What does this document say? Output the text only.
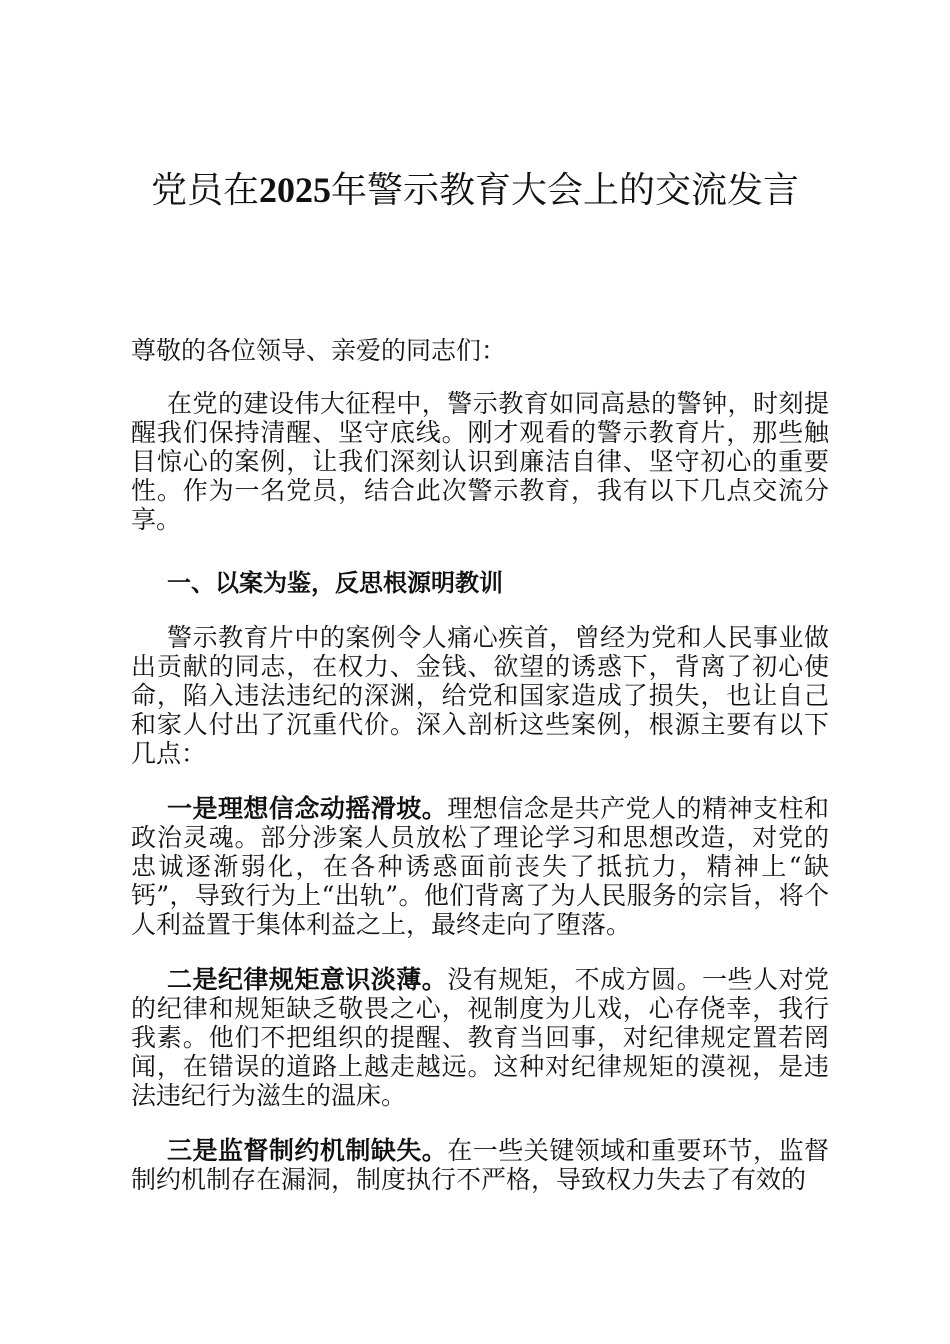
党员在2025年警示教育大会上的交流发言

尊敬的各位领导、亲爱的同志们：

在党的建设伟大征程中，警示教育如同高悬的警钟，时刻提醒我们保持清醒、坚守底线。刚才观看的警示教育片，那些触目惊心的案例，让我们深刻认识到廉洁自律、坚守初心的重要性。作为一名党员，结合此次警示教育，我有以下几点交流分享。

一、以案为鉴，反思根源明教训

警示教育片中的案例令人痛心疾首，曾经为党和人民事业做出贡献的同志，在权力、金钱、欲望的诱惑下，背离了初心使命，陷入违法违纪的深渊，给党和国家造成了损失，也让自己和家人付出了沉重代价。深入剖析这些案例，根源主要有以下几点：

一是理想信念动摇滑坡。理想信念是共产党人的精神支柱和政治灵魂。部分涉案人员放松了理论学习和思想改造，对党的忠诚逐渐弱化，在各种诱惑面前丧失了抵抗力，精神上“缺钙”，导致行为上“出轨”。他们背离了为人民服务的宗旨，将个人利益置于集体利益之上，最终走向了堕落。

二是纪律规矩意识淡薄。没有规矩，不成方圆。一些人对党的纪律和规矩缺乏敬畏之心，视制度为儿戏，心存侥幸，我行我素。他们不把组织的提醒、教育当回事，对纪律规定置若罔闻，在错误的道路上越走越远。这种对纪律规矩的漠视，是违法违纪行为滋生的温床。

三是监督制约机制缺失。在一些关键领域和重要环节，监督制约机制存在漏洞，制度执行不严格，导致权力失去了有效的
